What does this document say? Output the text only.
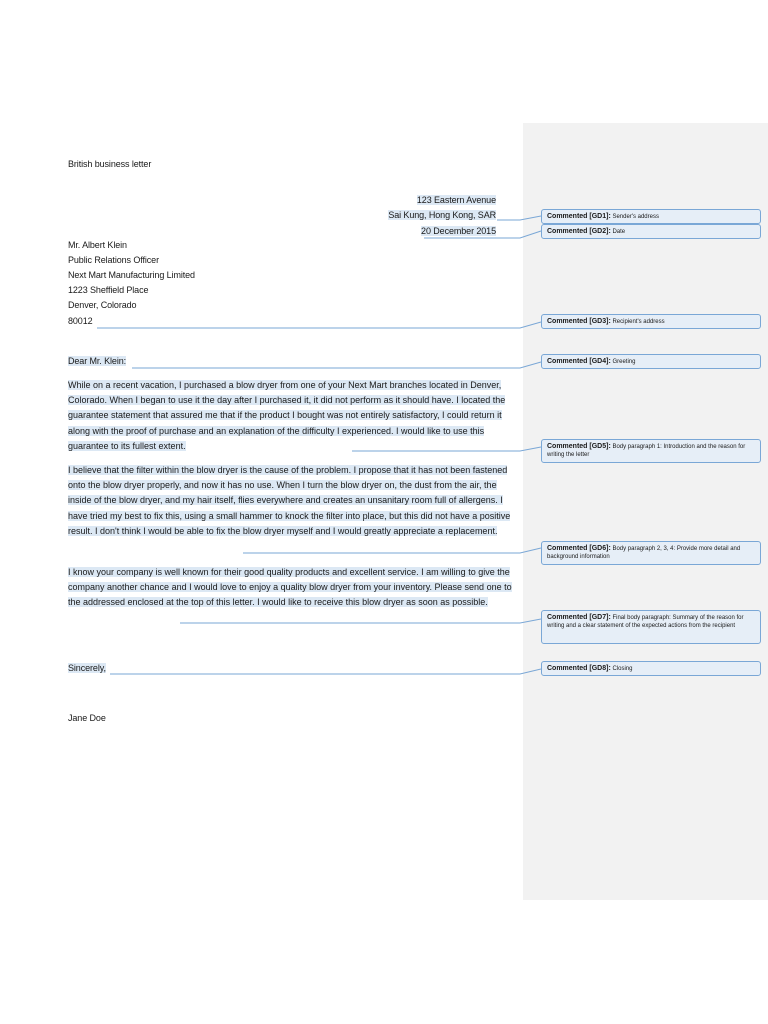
British business letter
123 Eastern Avenue
Sai Kung, Hong Kong, SAR
20 December 2015
Mr. Albert Klein
Public Relations Officer
Next Mart Manufacturing Limited
1223 Sheffield Place
Denver, Colorado
80012
Dear Mr. Klein:
While on a recent vacation, I purchased a blow dryer from one of your Next Mart branches located in Denver, Colorado. When I began to use it the day after I purchased it, it did not perform as it should have. I located the guarantee statement that assured me that if the product I bought was not entirely satisfactory, I could return it along with the proof of purchase and an explanation of the difficulty I experienced. I would like to use this guarantee to its fullest extent.
I believe that the filter within the blow dryer is the cause of the problem. I propose that it has not been fastened onto the blow dryer properly, and now it has no use. When I turn the blow dryer on, the dust from the air, the inside of the blow dryer, and my hair itself, flies everywhere and creates an unsanitary room full of allergens. I have tried my best to fix this, using a small hammer to knock the filter into place, but this did not have a positive result. I don't think I would be able to fix the blow dryer myself and I would greatly appreciate a replacement.
I know your company is well known for their good quality products and excellent service. I am willing to give the company another chance and I would love to enjoy a quality blow dryer from your inventory. Please send one to the addressed enclosed at the top of this letter. I would like to receive this blow dryer as soon as possible.
Sincerely,
Jane Doe
Commented [GD1]: Sender's address
Commented [GD2]: Date
Commented [GD3]: Recipient's address
Commented [GD4]: Greeting
Commented [GD5]: Body paragraph 1: Introduction and the reason for writing the letter
Commented [GD6]: Body paragraph 2, 3, 4: Provide more detail and background information
Commented [GD7]: Final body paragraph: Summary of the reason for writing and a clear statement of the expected actions from the recipient
Commented [GD8]: Closing
